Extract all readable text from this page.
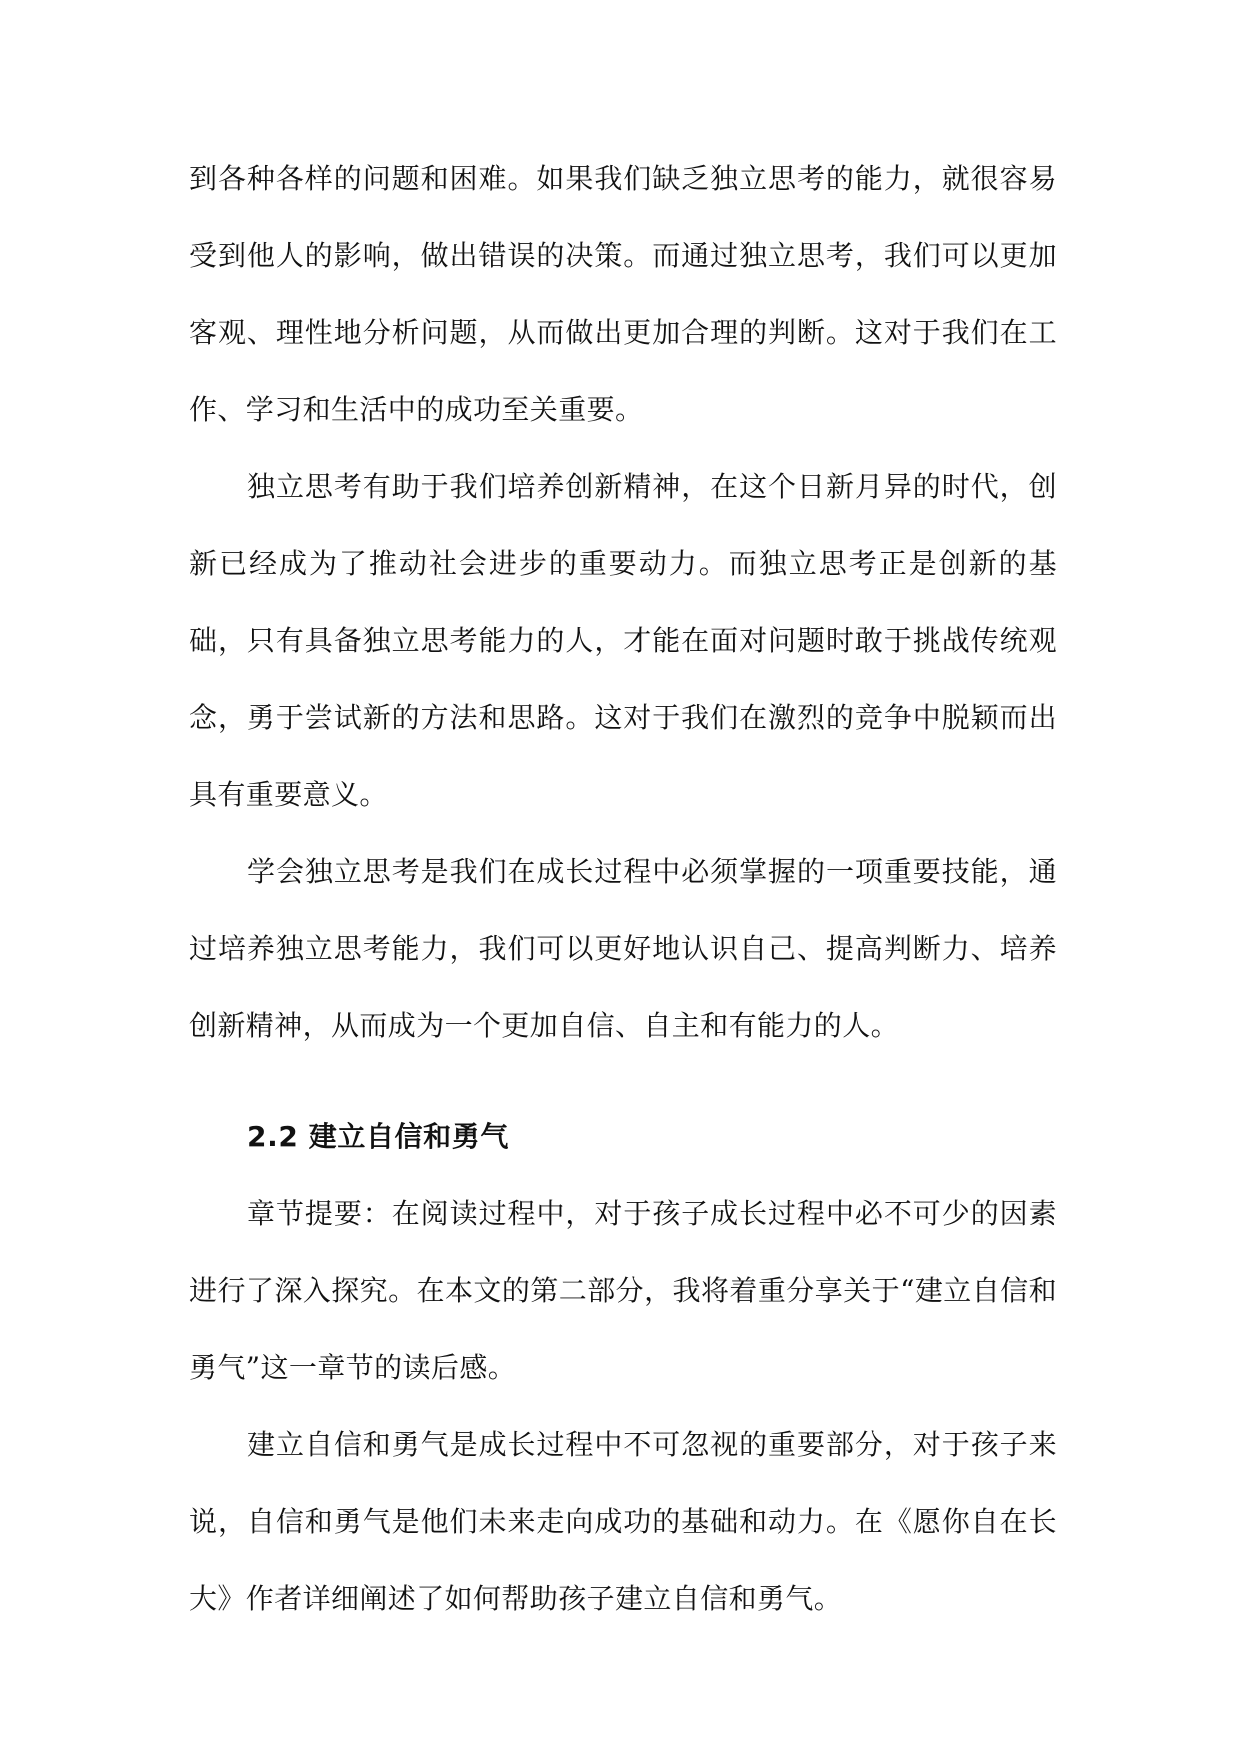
到各种各样的问题和困难。如果我们缺乏独立思考的能力，就很容易受到他人的影响，做出错误的决策。而通过独立思考，我们可以更加客观、理性地分析问题，从而做出更加合理的判断。这对于我们在工作、学习和生活中的成功至关重要。

独立思考有助于我们培养创新精神，在这个日新月异的时代，创新已经成为了推动社会进步的重要动力。而独立思考正是创新的基础，只有具备独立思考能力的人，才能在面对问题时敢于挑战传统观念，勇于尝试新的方法和思路。这对于我们在激烈的竞争中脱颖而出具有重要意义。

学会独立思考是我们在成长过程中必须掌握的一项重要技能，通过培养独立思考能力，我们可以更好地认识自己、提高判断力、培养创新精神，从而成为一个更加自信、自主和有能力的人。

2.2 建立自信和勇气

章节提要：在阅读过程中，对于孩子成长过程中必不可少的因素进行了深入探究。在本文的第二部分，我将着重分享关于“建立自信和勇气”这一章节的读后感。

建立自信和勇气是成长过程中不可忽视的重要部分，对于孩子来说，自信和勇气是他们未来走向成功的基础和动力。在《愿你自在长大》作者详细阐述了如何帮助孩子建立自信和勇气。
